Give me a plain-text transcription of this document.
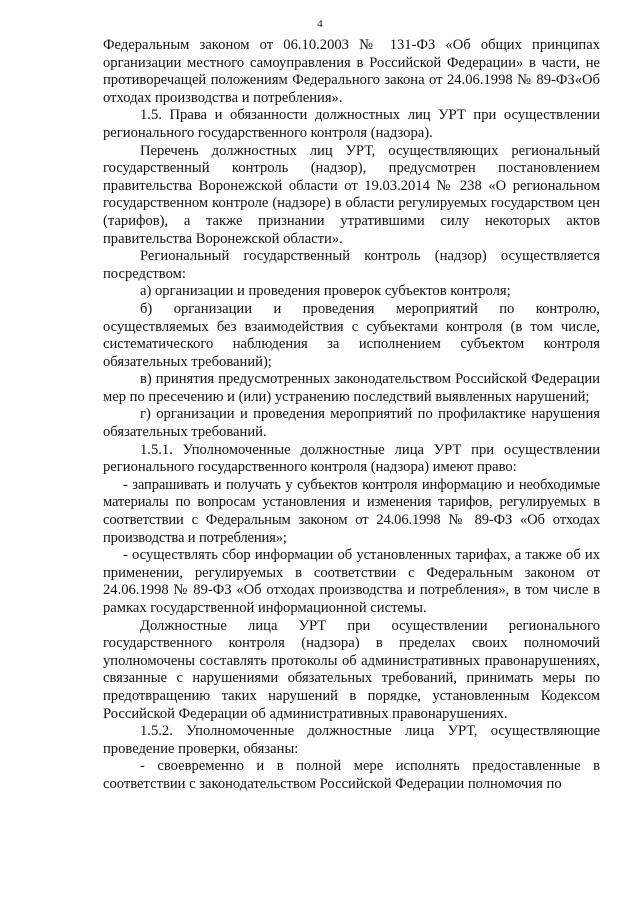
4

Федеральным законом от 06.10.2003 № 131-ФЗ «Об общих принципах организации местного самоуправления в Российской Федерации» в части, не противоречащей положениям Федерального закона от 24.06.1998 № 89-ФЗ«Об отходах производства и потребления».

1.5. Права и обязанности должностных лиц УРТ при осуществлении регионального государственного контроля (надзора).

Перечень должностных лиц УРТ, осуществляющих региональный государственный контроль (надзор), предусмотрен постановлением правительства Воронежской области от 19.03.2014 № 238 «О региональном государственном контроле (надзоре) в области регулируемых государством цен (тарифов), а также признании утратившими силу некоторых актов правительства Воронежской области».

Региональный государственный контроль (надзор) осуществляется посредством:

а) организации и проведения проверок субъектов контроля;

б) организации и проведения мероприятий по контролю, осуществляемых без взаимодействия с субъектами контроля (в том числе, систематического наблюдения за исполнением субъектом контроля обязательных требований);

в) принятия предусмотренных законодательством Российской Федерации мер по пресечению и (или) устранению последствий выявленных нарушений;

г) организации и проведения мероприятий по профилактике нарушения обязательных требований.

1.5.1. Уполномоченные должностные лица УРТ при осуществлении регионального государственного контроля (надзора) имеют право:

- запрашивать и получать у субъектов контроля информацию и необходимые материалы по вопросам установления и изменения тарифов, регулируемых в соответствии с Федеральным законом от 24.06.1998 № 89-ФЗ «Об отходах производства и потребления»;

- осуществлять сбор информации об установленных тарифах, а также об их применении, регулируемых в соответствии с Федеральным законом от 24.06.1998 № 89-ФЗ «Об отходах производства и потребления», в том числе в рамках государственной информационной системы.

Должностные лица УРТ при осуществлении регионального государственного контроля (надзора) в пределах своих полномочий уполномочены составлять протоколы об административных правонарушениях, связанные с нарушениями обязательных требований, принимать меры по предотвращению таких нарушений в порядке, установленным Кодексом Российской Федерации об административных правонарушениях.

1.5.2. Уполномоченные должностные лица УРТ, осуществляющие проведение проверки, обязаны:

- своевременно и в полной мере исполнять предоставленные в соответствии с законодательством Российской Федерации полномочия по
